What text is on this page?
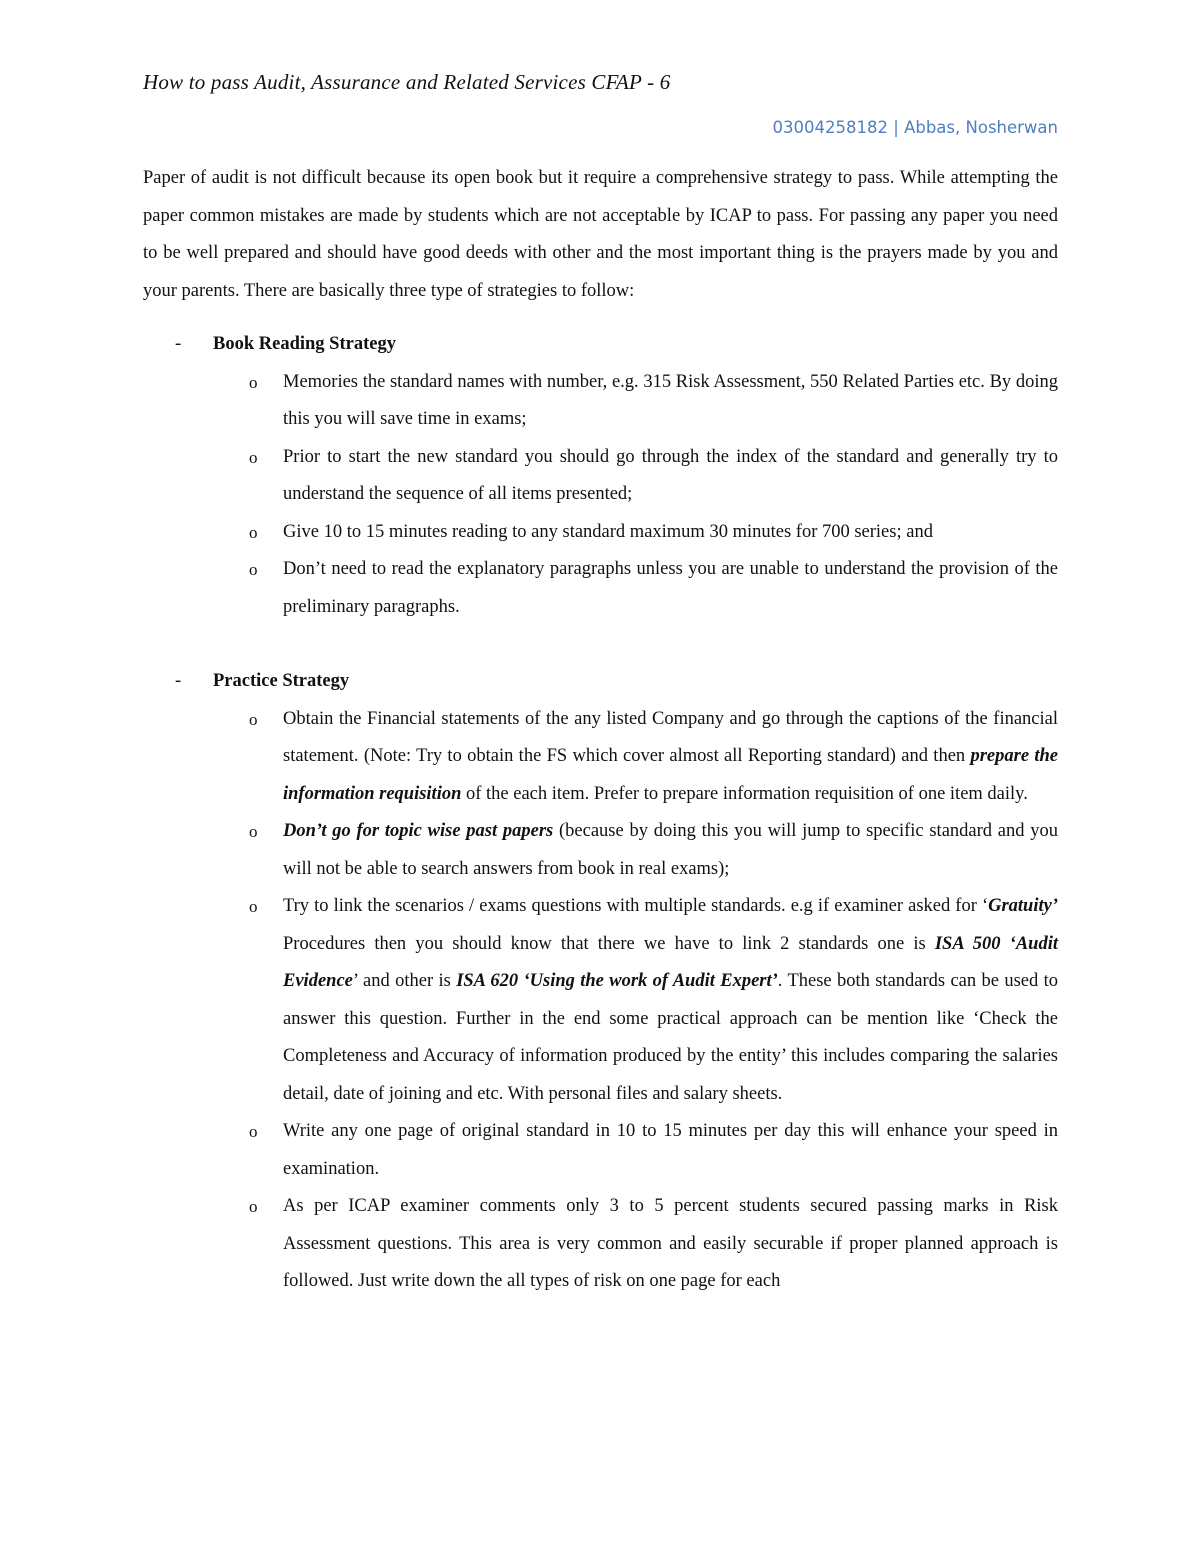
How to pass Audit, Assurance and Related Services CFAP - 6
03004258182 | Abbas, Nosherwan

Paper of audit is not difficult because its open book but it require a comprehensive strategy to pass. While attempting the paper common mistakes are made by students which are not acceptable by ICAP to pass. For passing any paper you need to be well prepared and should have good deeds with other and the most important thing is the prayers made by you and your parents. There are basically three type of strategies to follow:

- Book Reading Strategy
o Memories the standard names with number, e.g. 315 Risk Assessment, 550 Related Parties etc. By doing this you will save time in exams;
o Prior to start the new standard you should go through the index of the standard and generally try to understand the sequence of all items presented;
o Give 10 to 15 minutes reading to any standard maximum 30 minutes for 700 series; and
o Don’t need to read the explanatory paragraphs unless you are unable to understand the provision of the preliminary paragraphs.
- Practice Strategy
o Obtain the Financial statements of the any listed Company and go through the captions of the financial statement. (Note: Try to obtain the FS which cover almost all Reporting standard) and then prepare the information requisition of the each item. Prefer to prepare information requisition of one item daily.
o Don’t go for topic wise past papers (because by doing this you will jump to specific standard and you will not be able to search answers from book in real exams);
o Try to link the scenarios / exams questions with multiple standards. e.g if examiner asked for ‘Gratuity’ Procedures then you should know that there we have to link 2 standards one is ISA 500 ‘Audit Evidence’ and other is ISA 620 ‘Using the work of Audit Expert’. These both standards can be used to answer this question. Further in the end some practical approach can be mention like ‘Check the Completeness and Accuracy of information produced by the entity’ this includes comparing the salaries detail, date of joining and etc. With personal files and salary sheets.
o Write any one page of original standard in 10 to 15 minutes per day this will enhance your speed in examination.
o As per ICAP examiner comments only 3 to 5 percent students secured passing marks in Risk Assessment questions. This area is very common and easily securable if proper planned approach is followed. Just write down the all types of risk on one page for each
